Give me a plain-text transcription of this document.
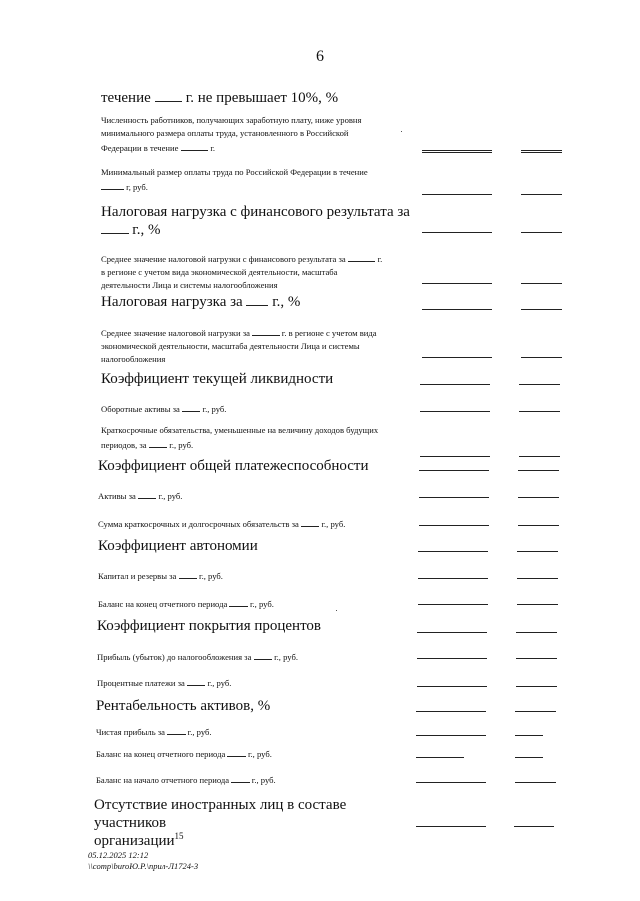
6
течение  г. не превышает 10%, %
Численность работников, получающих заработную плату, ниже уровня
минимального размера оплаты труда, установленного в Российской
Федерации в течение	г.
Минимальный размер оплаты труда по Российской Федерации в течение
г, руб.
Налоговая нагрузка с финансового результата за
г., %
Среднее значение налоговой нагрузки с финансового результата за	г.
в регионе с учетом вида экономической деятельности, масштаба
деятельности Лица и системы налогообложения
Налоговая нагрузка за  г., %
Среднее значение налоговой нагрузки за	г. в регионе с учетом вида
экономической деятельности, масштаба деятельности Лица и системы
налогообложения
Коэффициент текущей ликвидности
Оборотные активы за  г., руб.
Краткосрочные обязательства, уменьшенные на величину доходов будущих
периодов, за  г., руб.
Коэффициент общей платежеспособности
Активы за  г., руб.
Сумма краткосрочных и долгосрочных обязательств за  г., руб.
Коэффициент автономии
Капитал и резервы за  г., руб.
Баланс на конец отчетного периода  г., руб.
Коэффициент покрытия процентов
Прибыль (убыток) до налогообложения за  г., руб.
Процентные платежи за  г., руб.
Рентабельность активов, %
Чистая прибыль за  г., руб.
Баланс на конец отчетного периода  г., руб.
Баланс на начало отчетного периода  г., руб.
Отсутствие иностранных лиц в составе участников
организации$^{15}$
05.12.2025 12:12
\\comp\buroЮ.Р.\прил-Л1724-3
